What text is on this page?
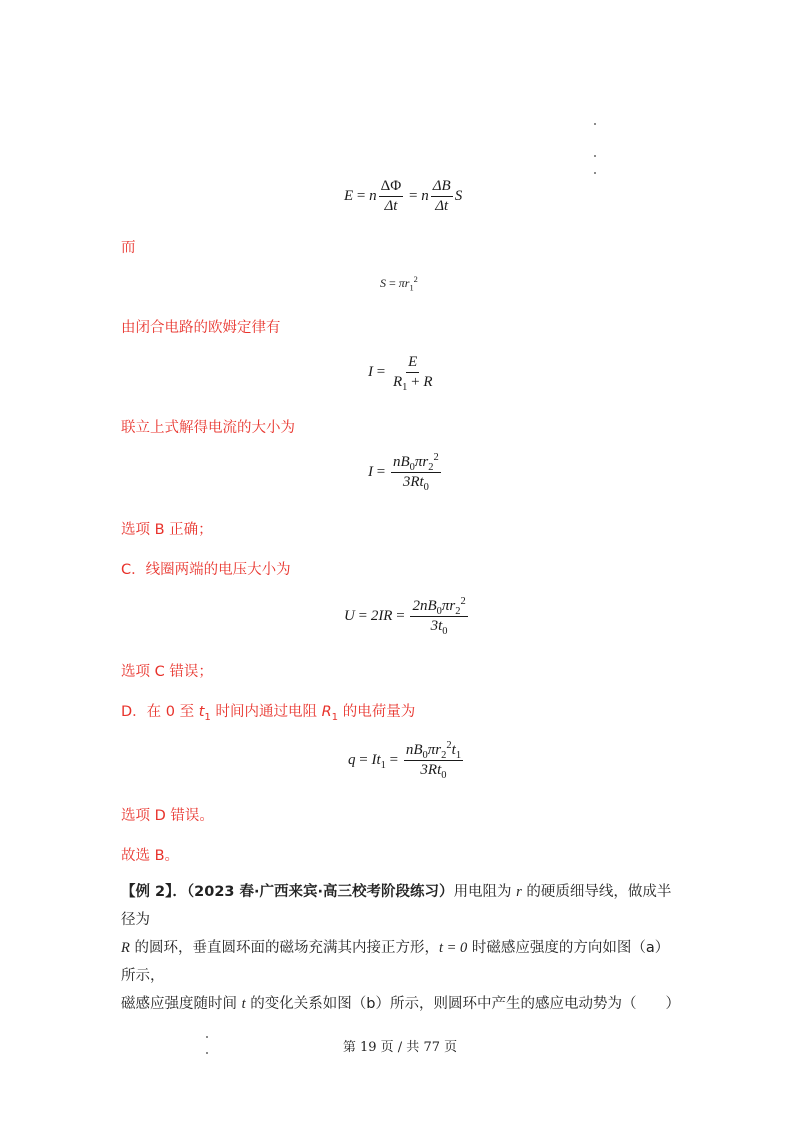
E = n $\frac{\Delta\Phi}{\Delta t} = n \frac{\Delta B}{\Delta t}$ S
而
$S = \pi r_1^2$
由闭合电路的欧姆定律有
$I = \frac{E}{R_1 + R}$
联立上式解得电流的大小为
$I = \frac{nB_0\pi r_2^2}{3Rt_0}$
选项 B 正确；
C．线圈两端的电压大小为
$U = 2IR = \frac{2nB_0\pi r_2^2}{3t_0}$
选项 C 错误；
D．在 0 至 $t_1$ 时间内通过电阻 $R_1$ 的电荷量为
$q = It_1 = \frac{nB_0\pi r_2^2t_1}{3Rt_0}$
选项 D 错误。
故选 B。
【例 2】．（2023 春·广西来宾·高三校考阶段练习）用电阻为 r 的硬质细导线，做成半径为
R 的圆环，垂直圆环面的磁场充满其内接正方形，t = 0 时磁感应强度的方向如图（a）所示，
磁感应强度随时间 t 的变化关系如图（b）所示，则圆环中产生的感应电动势为（　　）
第 19 页 / 共 77 页
